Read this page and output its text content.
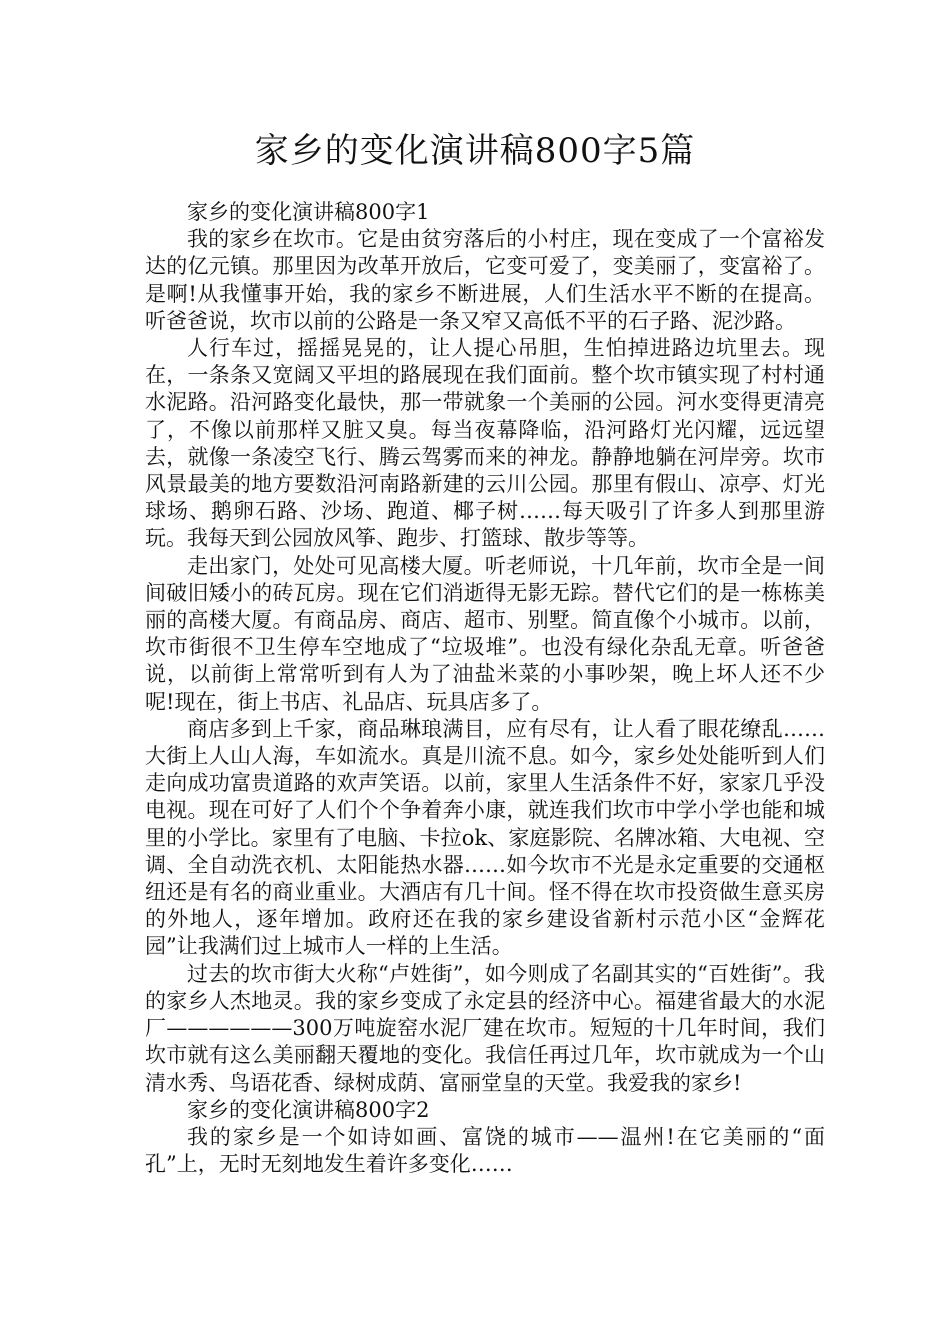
家乡的变化演讲稿800字5篇

家乡的变化演讲稿800字1

我的家乡在坎市。它是由贫穷落后的小村庄，现在变成了一个富裕发达的亿元镇。那里因为改革开放后，它变可爱了，变美丽了，变富裕了。是啊!从我懂事开始，我的家乡不断进展，人们生活水平不断的在提高。听爸爸说，坎市以前的公路是一条又窄又高低不平的石子路、泥沙路。

人行车过，摇摇晃晃的，让人提心吊胆，生怕掉进路边坑里去。现在，一条条又宽阔又平坦的路展现在我们面前。整个坎市镇实现了村村通水泥路。沿河路变化最快，那一带就象一个美丽的公园。河水变得更清亮了，不像以前那样又脏又臭。每当夜幕降临，沿河路灯光闪耀，远远望去，就像一条凌空飞行、腾云驾雾而来的神龙。静静地躺在河岸旁。坎市风景最美的地方要数沿河南路新建的云川公园。那里有假山、凉亭、灯光球场、鹅卵石路、沙场、跑道、椰子树……每天吸引了许多人到那里游玩。我每天到公园放风筝、跑步、打篮球、散步等等。

走出家门，处处可见高楼大厦。听老师说，十几年前，坎市全是一间间破旧矮小的砖瓦房。现在它们消逝得无影无踪。替代它们的是一栋栋美丽的高楼大厦。有商品房、商店、超市、别墅。简直像个小城市。以前，坎市街很不卫生停车空地成了“垃圾堆”。也没有绿化杂乱无章。听爸爸说，以前街上常常听到有人为了油盐米菜的小事吵架，晚上坏人还不少呢!现在，街上书店、礼品店、玩具店多了。

商店多到上千家，商品琳琅满目，应有尽有，让人看了眼花缭乱……大街上人山人海，车如流水。真是川流不息。如今，家乡处处能听到人们走向成功富贵道路的欢声笑语。以前，家里人生活条件不好，家家几乎没电视。现在可好了人们个个争着奔小康，就连我们坎市中学小学也能和城里的小学比。家里有了电脑、卡拉ok、家庭影院、名牌冰箱、大电视、空调、全自动洗衣机、太阳能热水器……如今坎市不光是永定重要的交通枢纽还是有名的商业重业。大酒店有几十间。怪不得在坎市投资做生意买房的外地人，逐年增加。政府还在我的家乡建设省新村示范小区“金辉花园”让我满们过上城市人一样的上生活。

过去的坎市街大火称“卢姓街”，如今则成了名副其实的“百姓街”。我的家乡人杰地灵。我的家乡变成了永定县的经济中心。福建省最大的水泥厂——————300万吨旋窑水泥厂建在坎市。短短的十几年时间，我们坎市就有这么美丽翻天覆地的变化。我信任再过几年，坎市就成为一个山清水秀、鸟语花香、绿树成荫、富丽堂皇的天堂。我爱我的家乡!

家乡的变化演讲稿800字2

我的家乡是一个如诗如画、富饶的城市——温州!在它美丽的“面孔”上，无时无刻地发生着许多变化……
